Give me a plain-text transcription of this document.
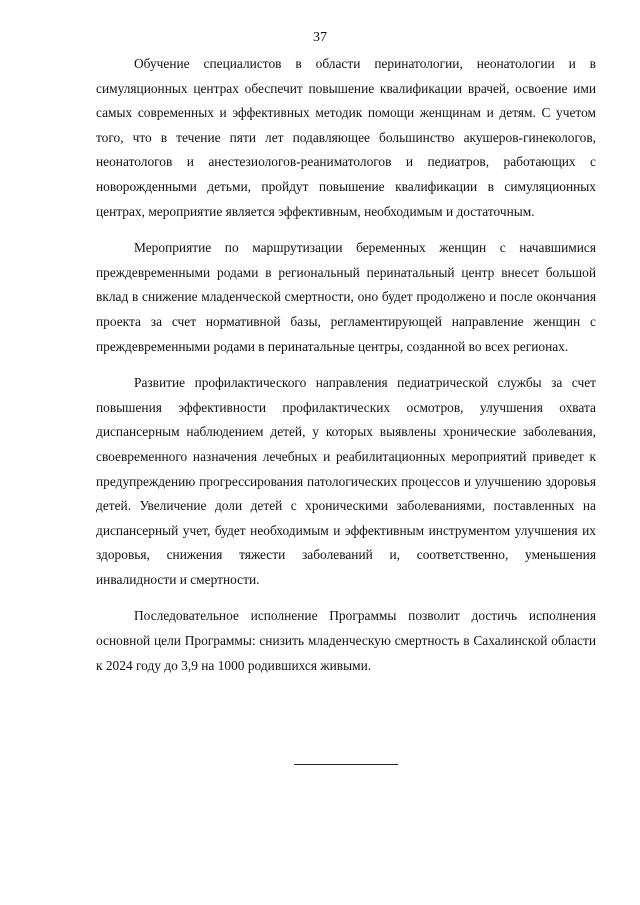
37

Обучение специалистов в области перинатологии, неонатологии и в симуляционных центрах обеспечит повышение квалификации врачей, освоение ими самых современных и эффективных методик помощи женщинам и детям. С учетом того, что в течение пяти лет подавляющее большинство акушеров-гинекологов, неонатологов и анестезиологов-реаниматологов и педиатров, работающих с новорожденными детьми, пройдут повышение квалификации в симуляционных центрах, мероприятие является эффективным, необходимым и достаточным.

Мероприятие по маршрутизации беременных женщин с начавшимися преждевременными родами в региональный перинатальный центр внесет большой вклад в снижение младенческой смертности, оно будет продолжено и после окончания проекта за счет нормативной базы, регламентирующей направление женщин с преждевременными родами в перинатальные центры, созданной во всех регионах.

Развитие профилактического направления педиатрической службы за счет повышения эффективности профилактических осмотров, улучшения охвата диспансерным наблюдением детей, у которых выявлены хронические заболевания, своевременного назначения лечебных и реабилитационных мероприятий приведет к предупреждению прогрессирования патологических процессов и улучшению здоровья детей. Увеличение доли детей с хроническими заболеваниями, поставленных на диспансерный учет, будет необходимым и эффективным инструментом улучшения их здоровья, снижения тяжести заболеваний и, соответственно, уменьшения инвалидности и смертности.

Последовательное исполнение Программы позволит достичь исполнения основной цели Программы: снизить младенческую смертность в Сахалинской области к 2024 году до 3,9 на 1000 родившихся живыми.
